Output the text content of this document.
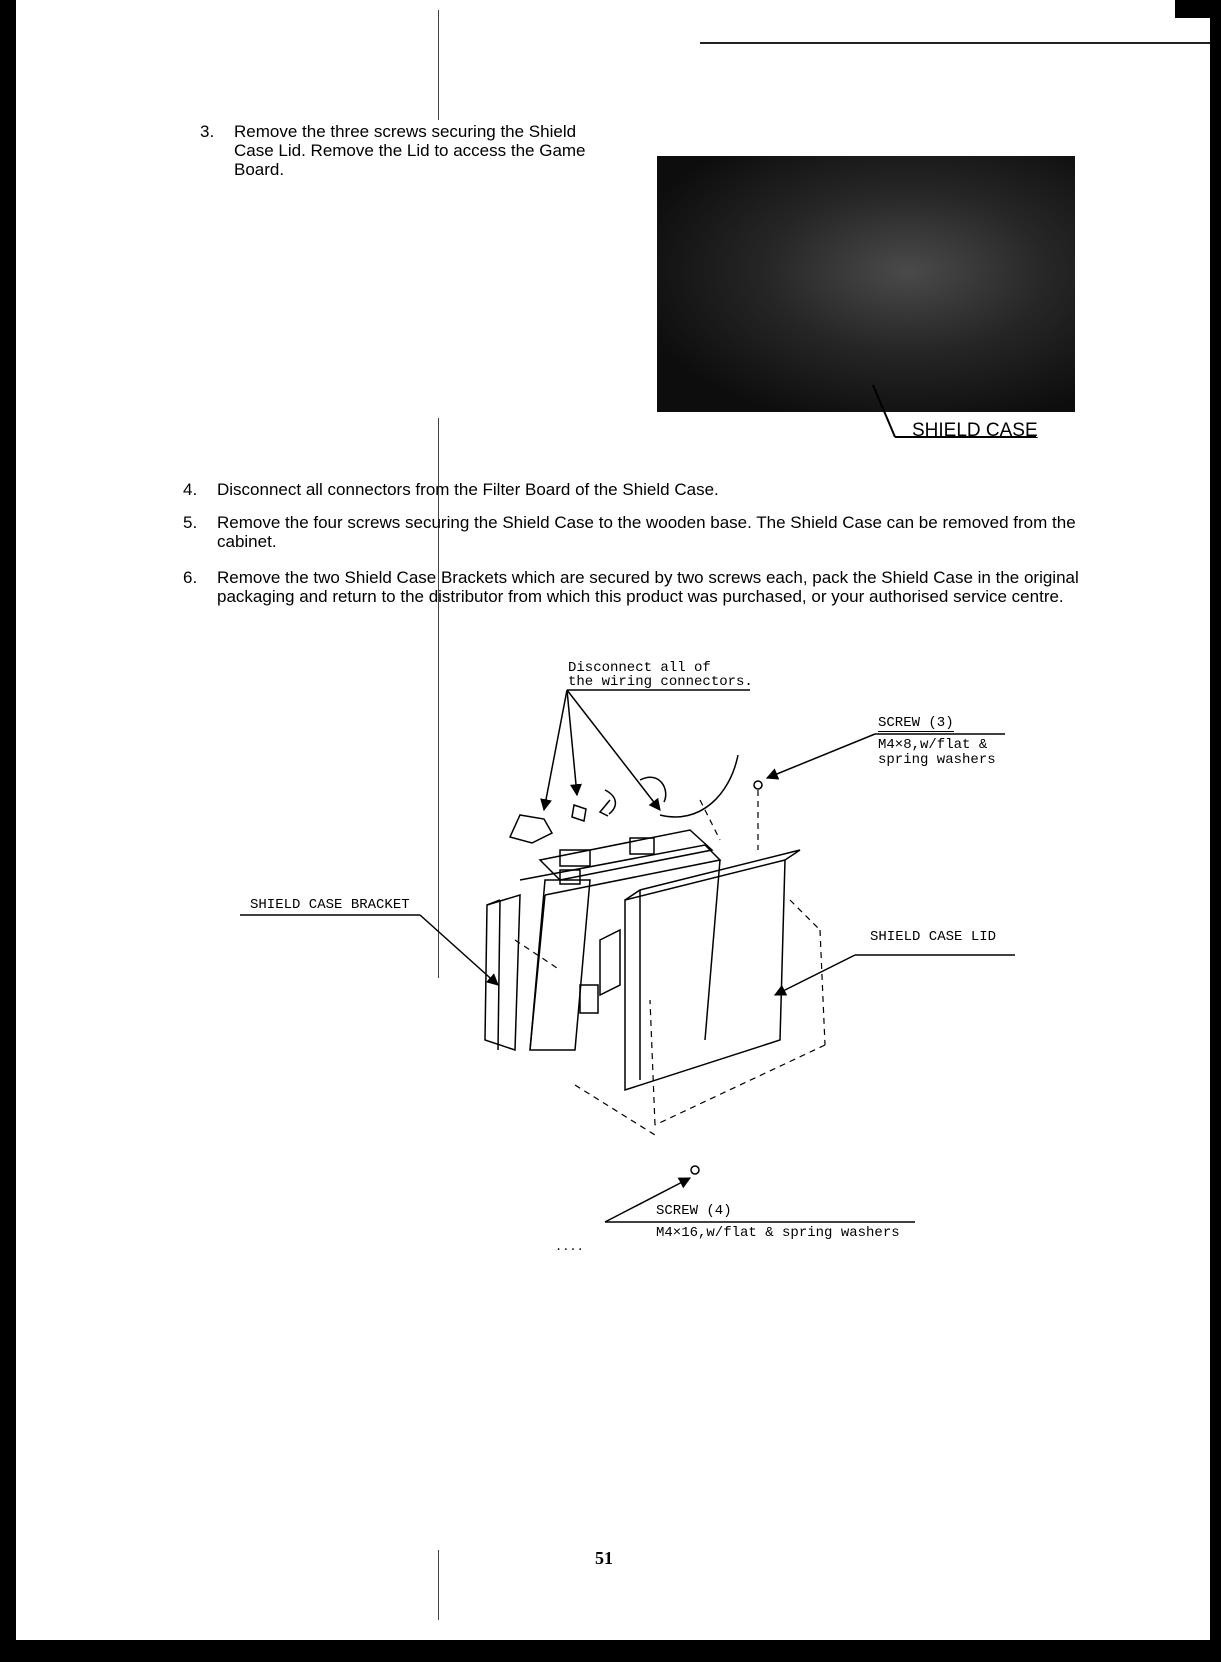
3. Remove the three screws securing the Shield Case Lid. Remove the Lid to access the Game Board.
SHIELD CASE
4. Disconnect all connectors from the Filter Board of the Shield Case.
5. Remove the four screws securing the Shield Case to the wooden base. The Shield Case can be removed from the cabinet.
6. Remove the two Shield Case Brackets which are secured by two screws each, pack the Shield Case in the original packaging and return to the distributor from which this product was purchased, or your authorised service centre.
....
Disconnect all of
the wiring connectors.
SCREW (3)
M4×8,w/flat &
spring washers
SHIELD CASE BRACKET
SHIELD CASE LID
SCREW (4)
M4×16,w/flat & spring washers
51
